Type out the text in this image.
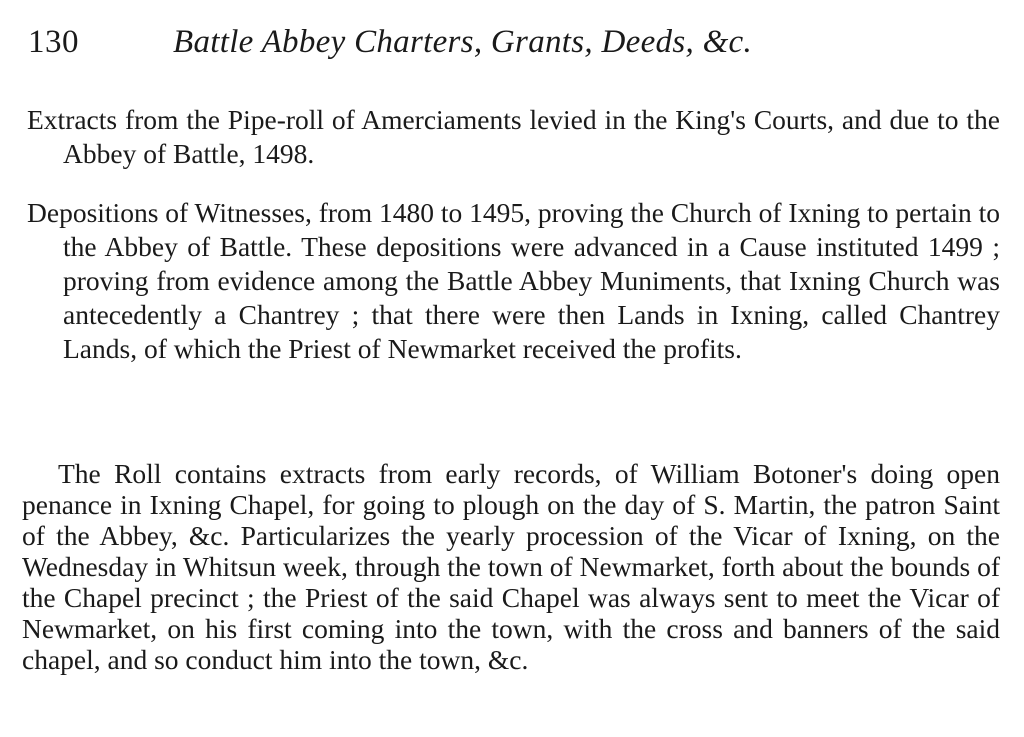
130	Battle Abbey Charters, Grants, Deeds, &c.

Extracts from the Pipe-roll of Amerciaments levied in the King's Courts, and due to the Abbey of Battle, 1498.

Depositions of Witnesses, from 1480 to 1495, proving the Church of Ixning to pertain to the Abbey of Battle. These depositions were advanced in a Cause instituted 1499 ; proving from evidence among the Battle Abbey Muniments, that Ixning Church was antecedently a Chantrey ; that there were then Lands in Ixning, called Chantrey Lands, of which the Priest of Newmarket received the profits.

The Roll contains extracts from early records, of William Botoner's doing open penance in Ixning Chapel, for going to plough on the day of S. Martin, the patron Saint of the Abbey, &c. Particularizes the yearly procession of the Vicar of Ixning, on the Wednesday in Whitsun week, through the town of Newmarket, forth about the bounds of the Chapel precinct ; the Priest of the said Chapel was always sent to meet the Vicar of Newmarket, on his first coming into the town, with the cross and banners of the said chapel, and so conduct him into the town, &c.
